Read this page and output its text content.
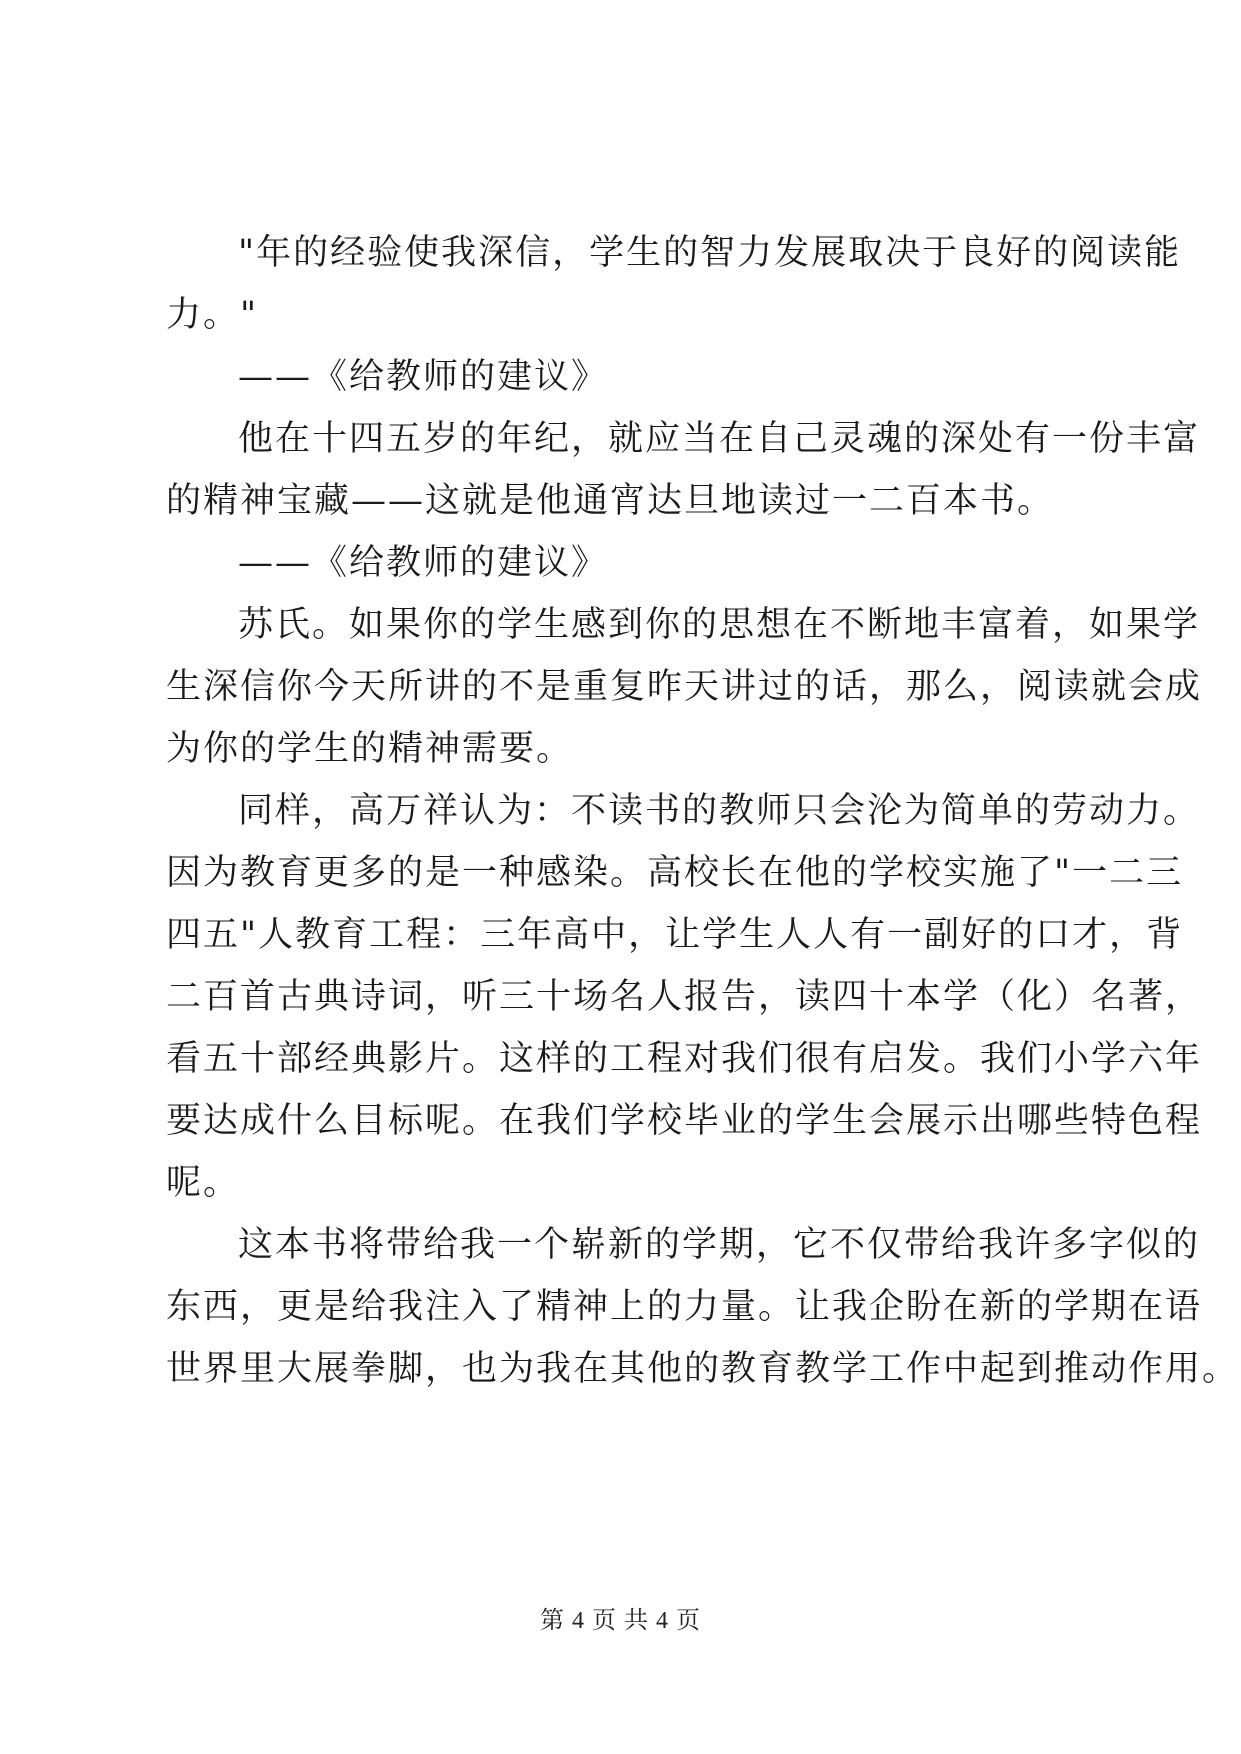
"年的经验使我深信，学生的智力发展取决于良好的阅读能
力。"
——《给教师的建议》
他在十四五岁的年纪，就应当在自己灵魂的深处有一份丰富
的精神宝藏——这就是他通宵达旦地读过一二百本书。
——《给教师的建议》
苏氏。如果你的学生感到你的思想在不断地丰富着，如果学
生深信你今天所讲的不是重复昨天讲过的话，那么，阅读就会成
为你的学生的精神需要。
同样，高万祥认为：不读书的教师只会沦为简单的劳动力。
因为教育更多的是一种感染。高校长在他的学校实施了"一二三
四五"人教育工程：三年高中，让学生人人有一副好的口才，背
二百首古典诗词，听三十场名人报告，读四十本学（化）名著，
看五十部经典影片。这样的工程对我们很有启发。我们小学六年
要达成什么目标呢。在我们学校毕业的学生会展示出哪些特色程
呢。
这本书将带给我一个崭新的学期，它不仅带给我许多字似的
东西，更是给我注入了精神上的力量。让我企盼在新的学期在语
世界里大展拳脚，也为我在其他的教育教学工作中起到推动作用。
第 4 页 共 4 页
